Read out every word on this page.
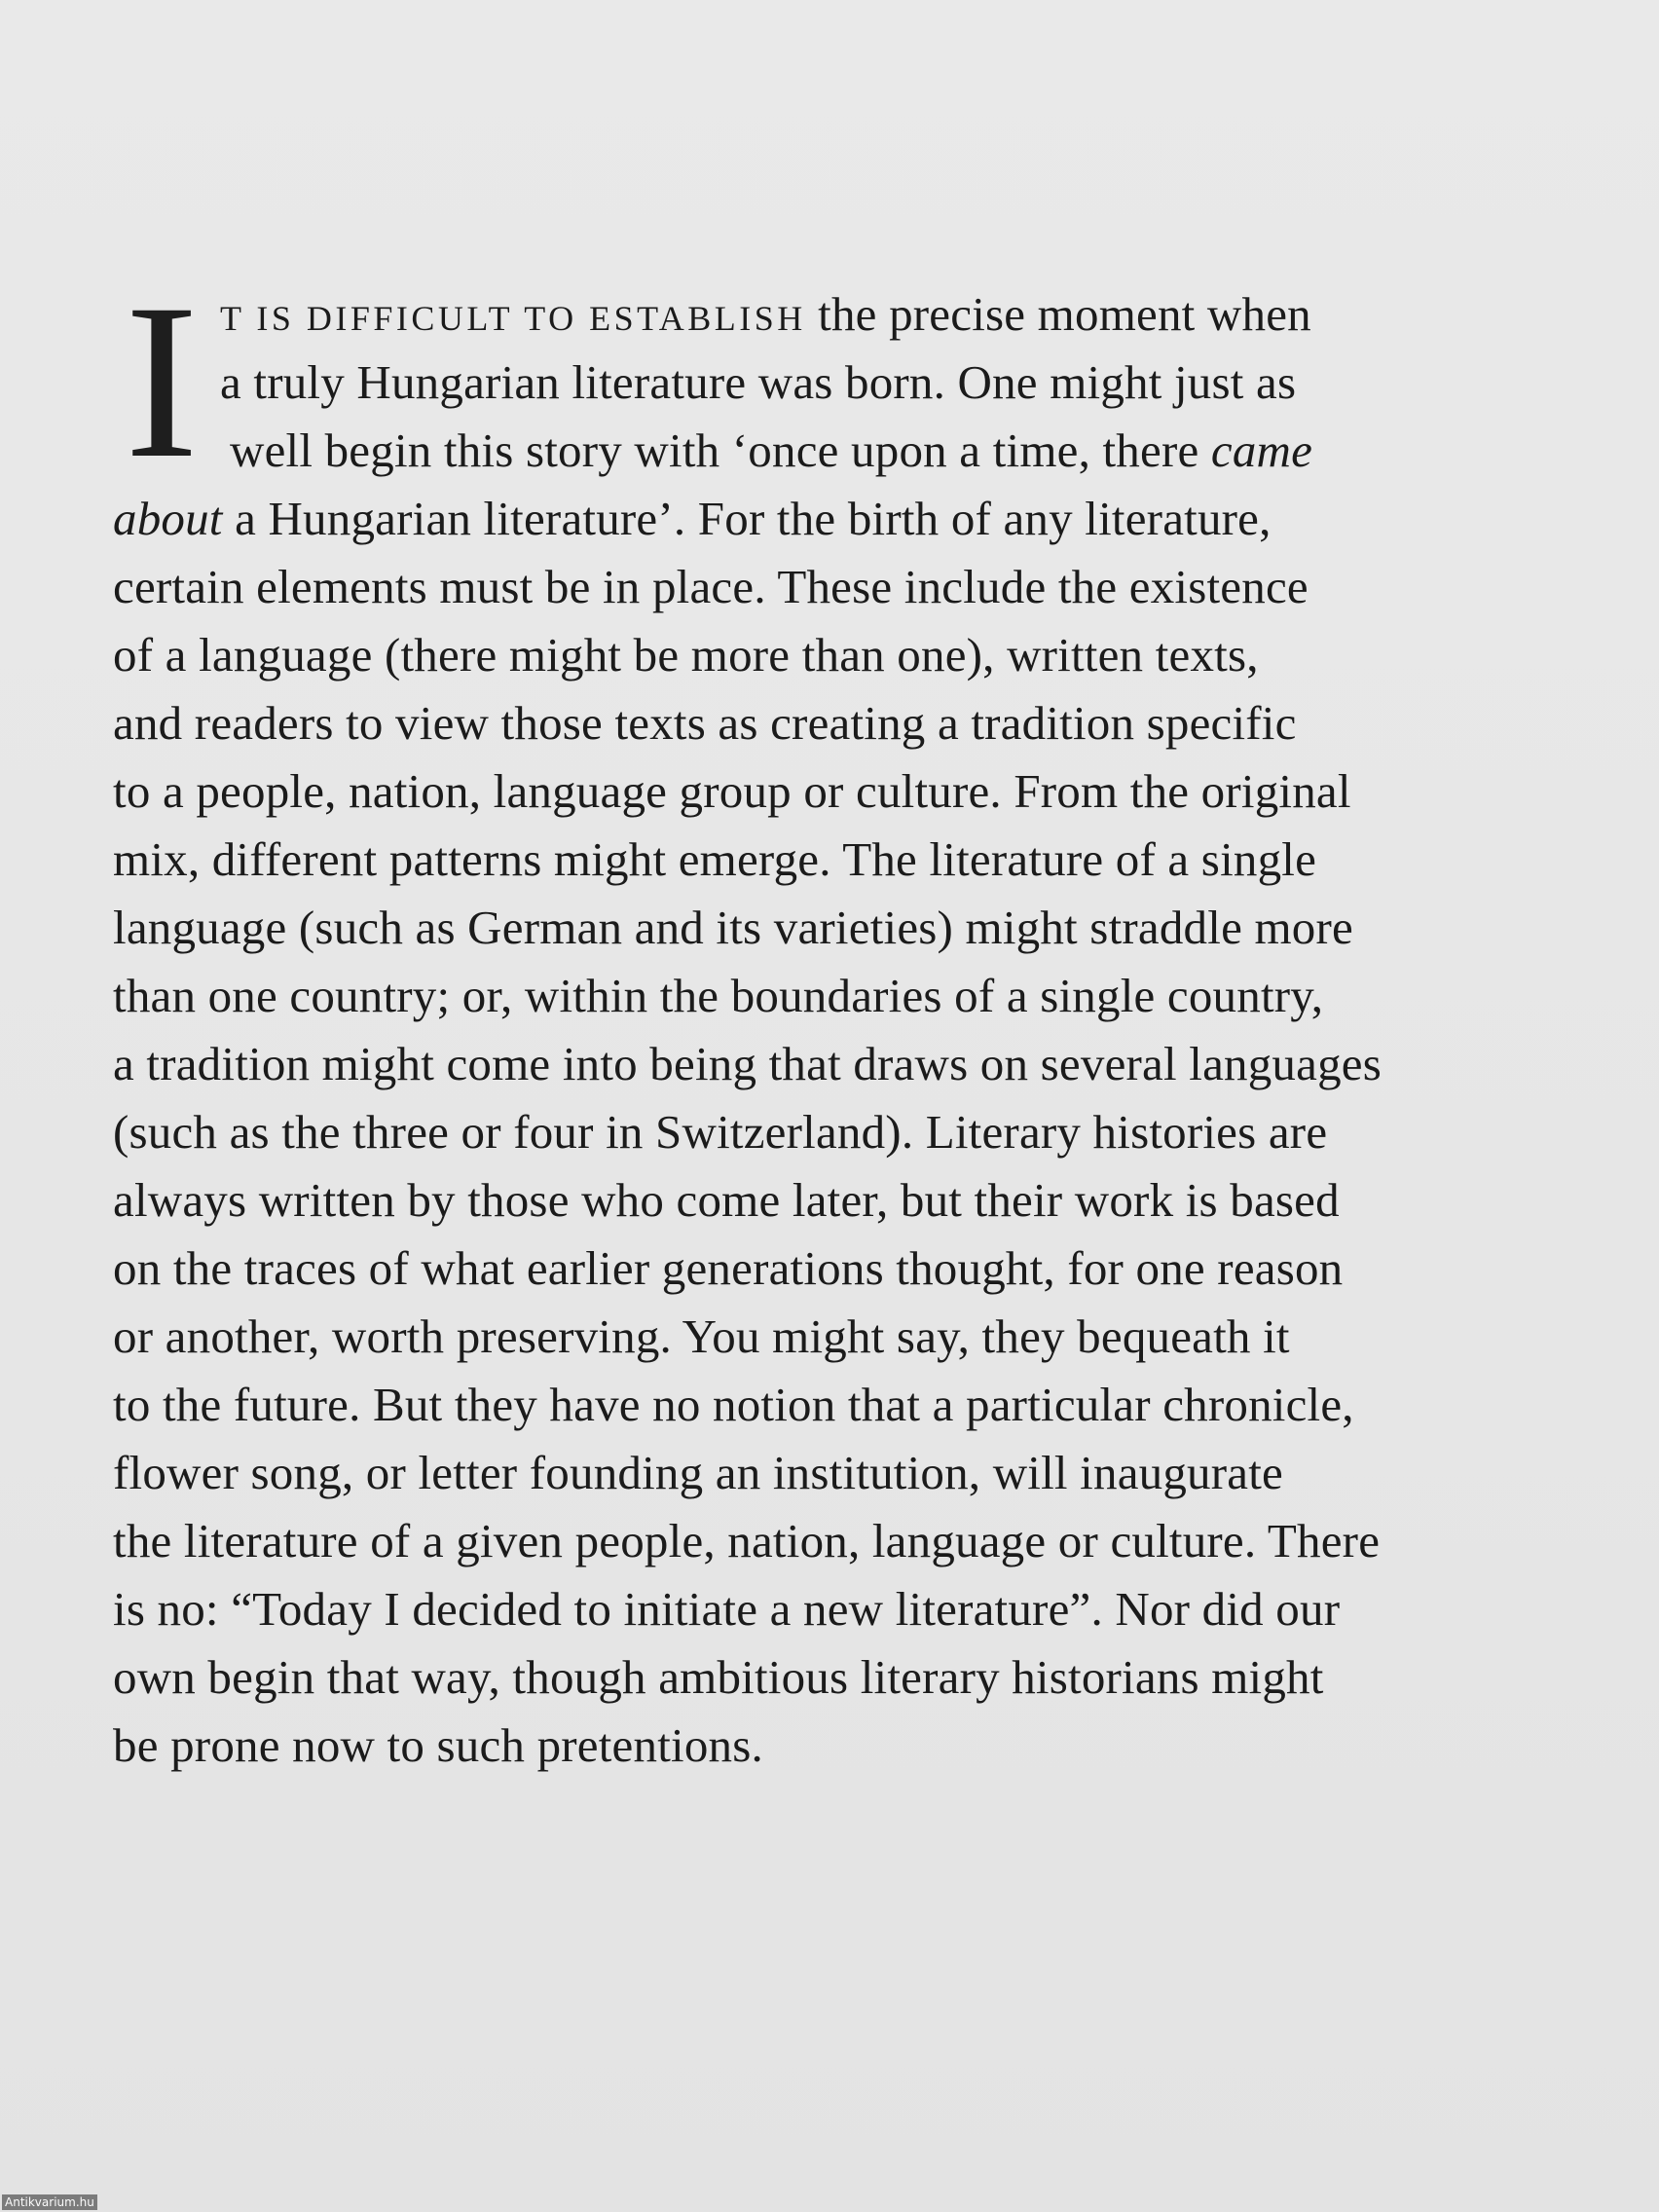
I T IS DIFFICULT TO ESTABLISH the precise moment when
a truly Hungarian literature was born. One might just as
well begin this story with ‘once upon a time, there came
about a Hungarian literature’. For the birth of any literature,
certain elements must be in place. These include the existence
of a language (there might be more than one), written texts,
and readers to view those texts as creating a tradition specific
to a people, nation, language group or culture. From the original
mix, different patterns might emerge. The literature of a single
language (such as German and its varieties) might straddle more
than one country; or, within the boundaries of a single country,
a tradition might come into being that draws on several languages
(such as the three or four in Switzerland). Literary histories are
always written by those who come later, but their work is based
on the traces of what earlier generations thought, for one reason
or another, worth preserving. You might say, they bequeath it
to the future. But they have no notion that a particular chronicle,
flower song, or letter founding an institution, will inaugurate
the literature of a given people, nation, language or culture. There
is no: “Today I decided to initiate a new literature”. Nor did our
own begin that way, though ambitious literary historians might
be prone now to such pretentions.
Antikvarium.hu
